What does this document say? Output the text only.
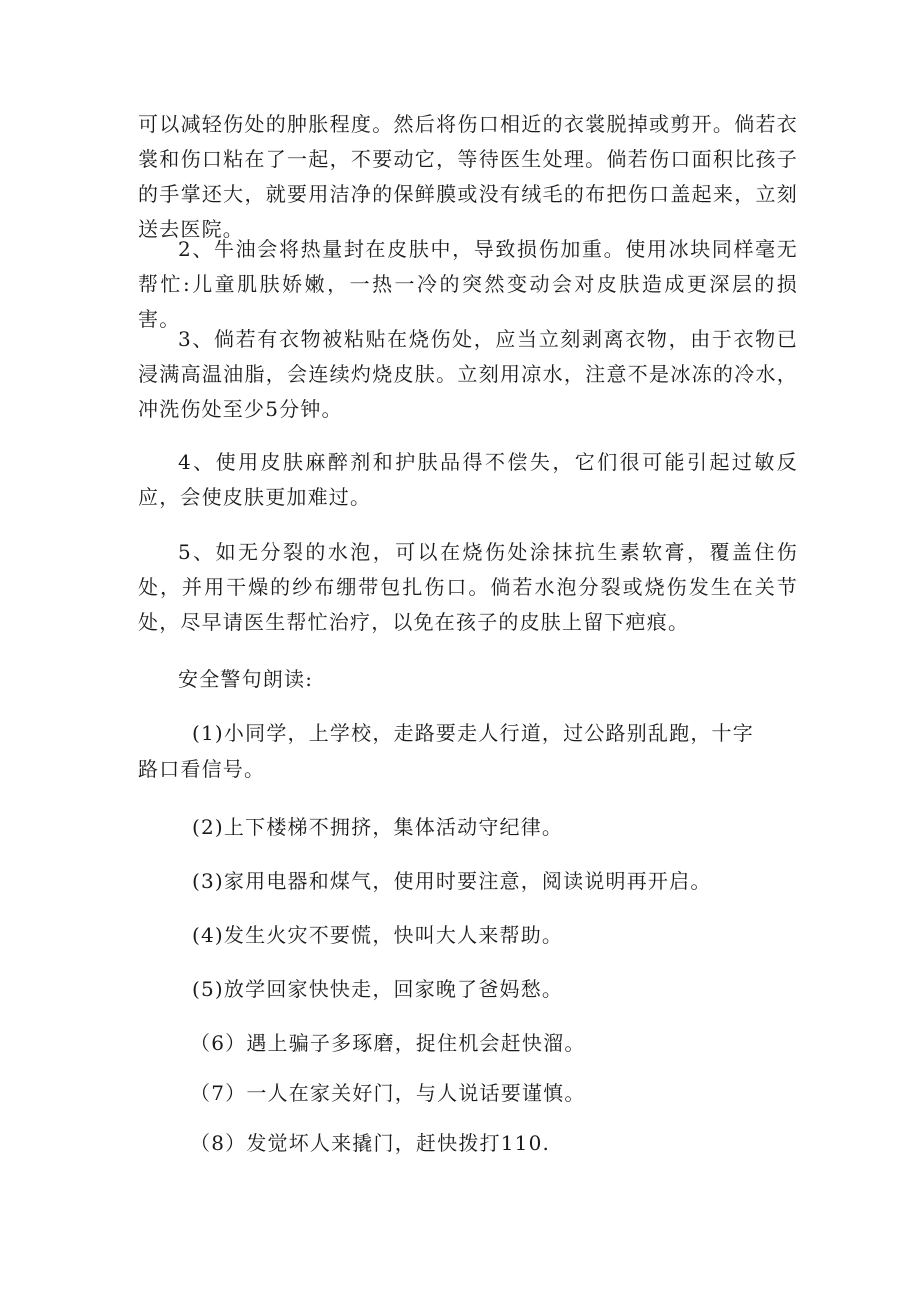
可以减轻伤处的肿胀程度。然后将伤口相近的衣裳脱掉或剪开。倘若衣裳和伤口粘在了一起，不要动它，等待医生处理。倘若伤口面积比孩子的手掌还大，就要用洁净的保鲜膜或没有绒毛的布把伤口盖起来，立刻送去医院。

2、牛油会将热量封在皮肤中，导致损伤加重。使用冰块同样毫无帮忙:儿童肌肤娇嫩，一热一冷的突然变动会对皮肤造成更深层的损害。

3、倘若有衣物被粘贴在烧伤处，应当立刻剥离衣物，由于衣物已浸满高温油脂，会连续灼烧皮肤。立刻用凉水，注意不是冰冻的冷水，冲洗伤处至少5分钟。

4、使用皮肤麻醉剂和护肤品得不偿失，它们很可能引起过敏反应，会使皮肤更加难过。

5、如无分裂的水泡，可以在烧伤处涂抹抗生素软膏，覆盖住伤处，并用干燥的纱布绷带包扎伤口。倘若水泡分裂或烧伤发生在关节处，尽早请医生帮忙治疗，以免在孩子的皮肤上留下疤痕。

安全警句朗读:

(1)小同学，上学校，走路要走人行道，过公路别乱跑，十字

路口看信号。

(2)上下楼梯不拥挤，集体活动守纪律。

(3)家用电器和煤气，使用时要注意，阅读说明再开启。

(4)发生火灾不要慌，快叫大人来帮助。

(5)放学回家快快走，回家晚了爸妈愁。

（6）遇上骗子多琢磨，捉住机会赶快溜。

（7）一人在家关好门，与人说话要谨慎。

（8）发觉坏人来撬门，赶快拨打110.
